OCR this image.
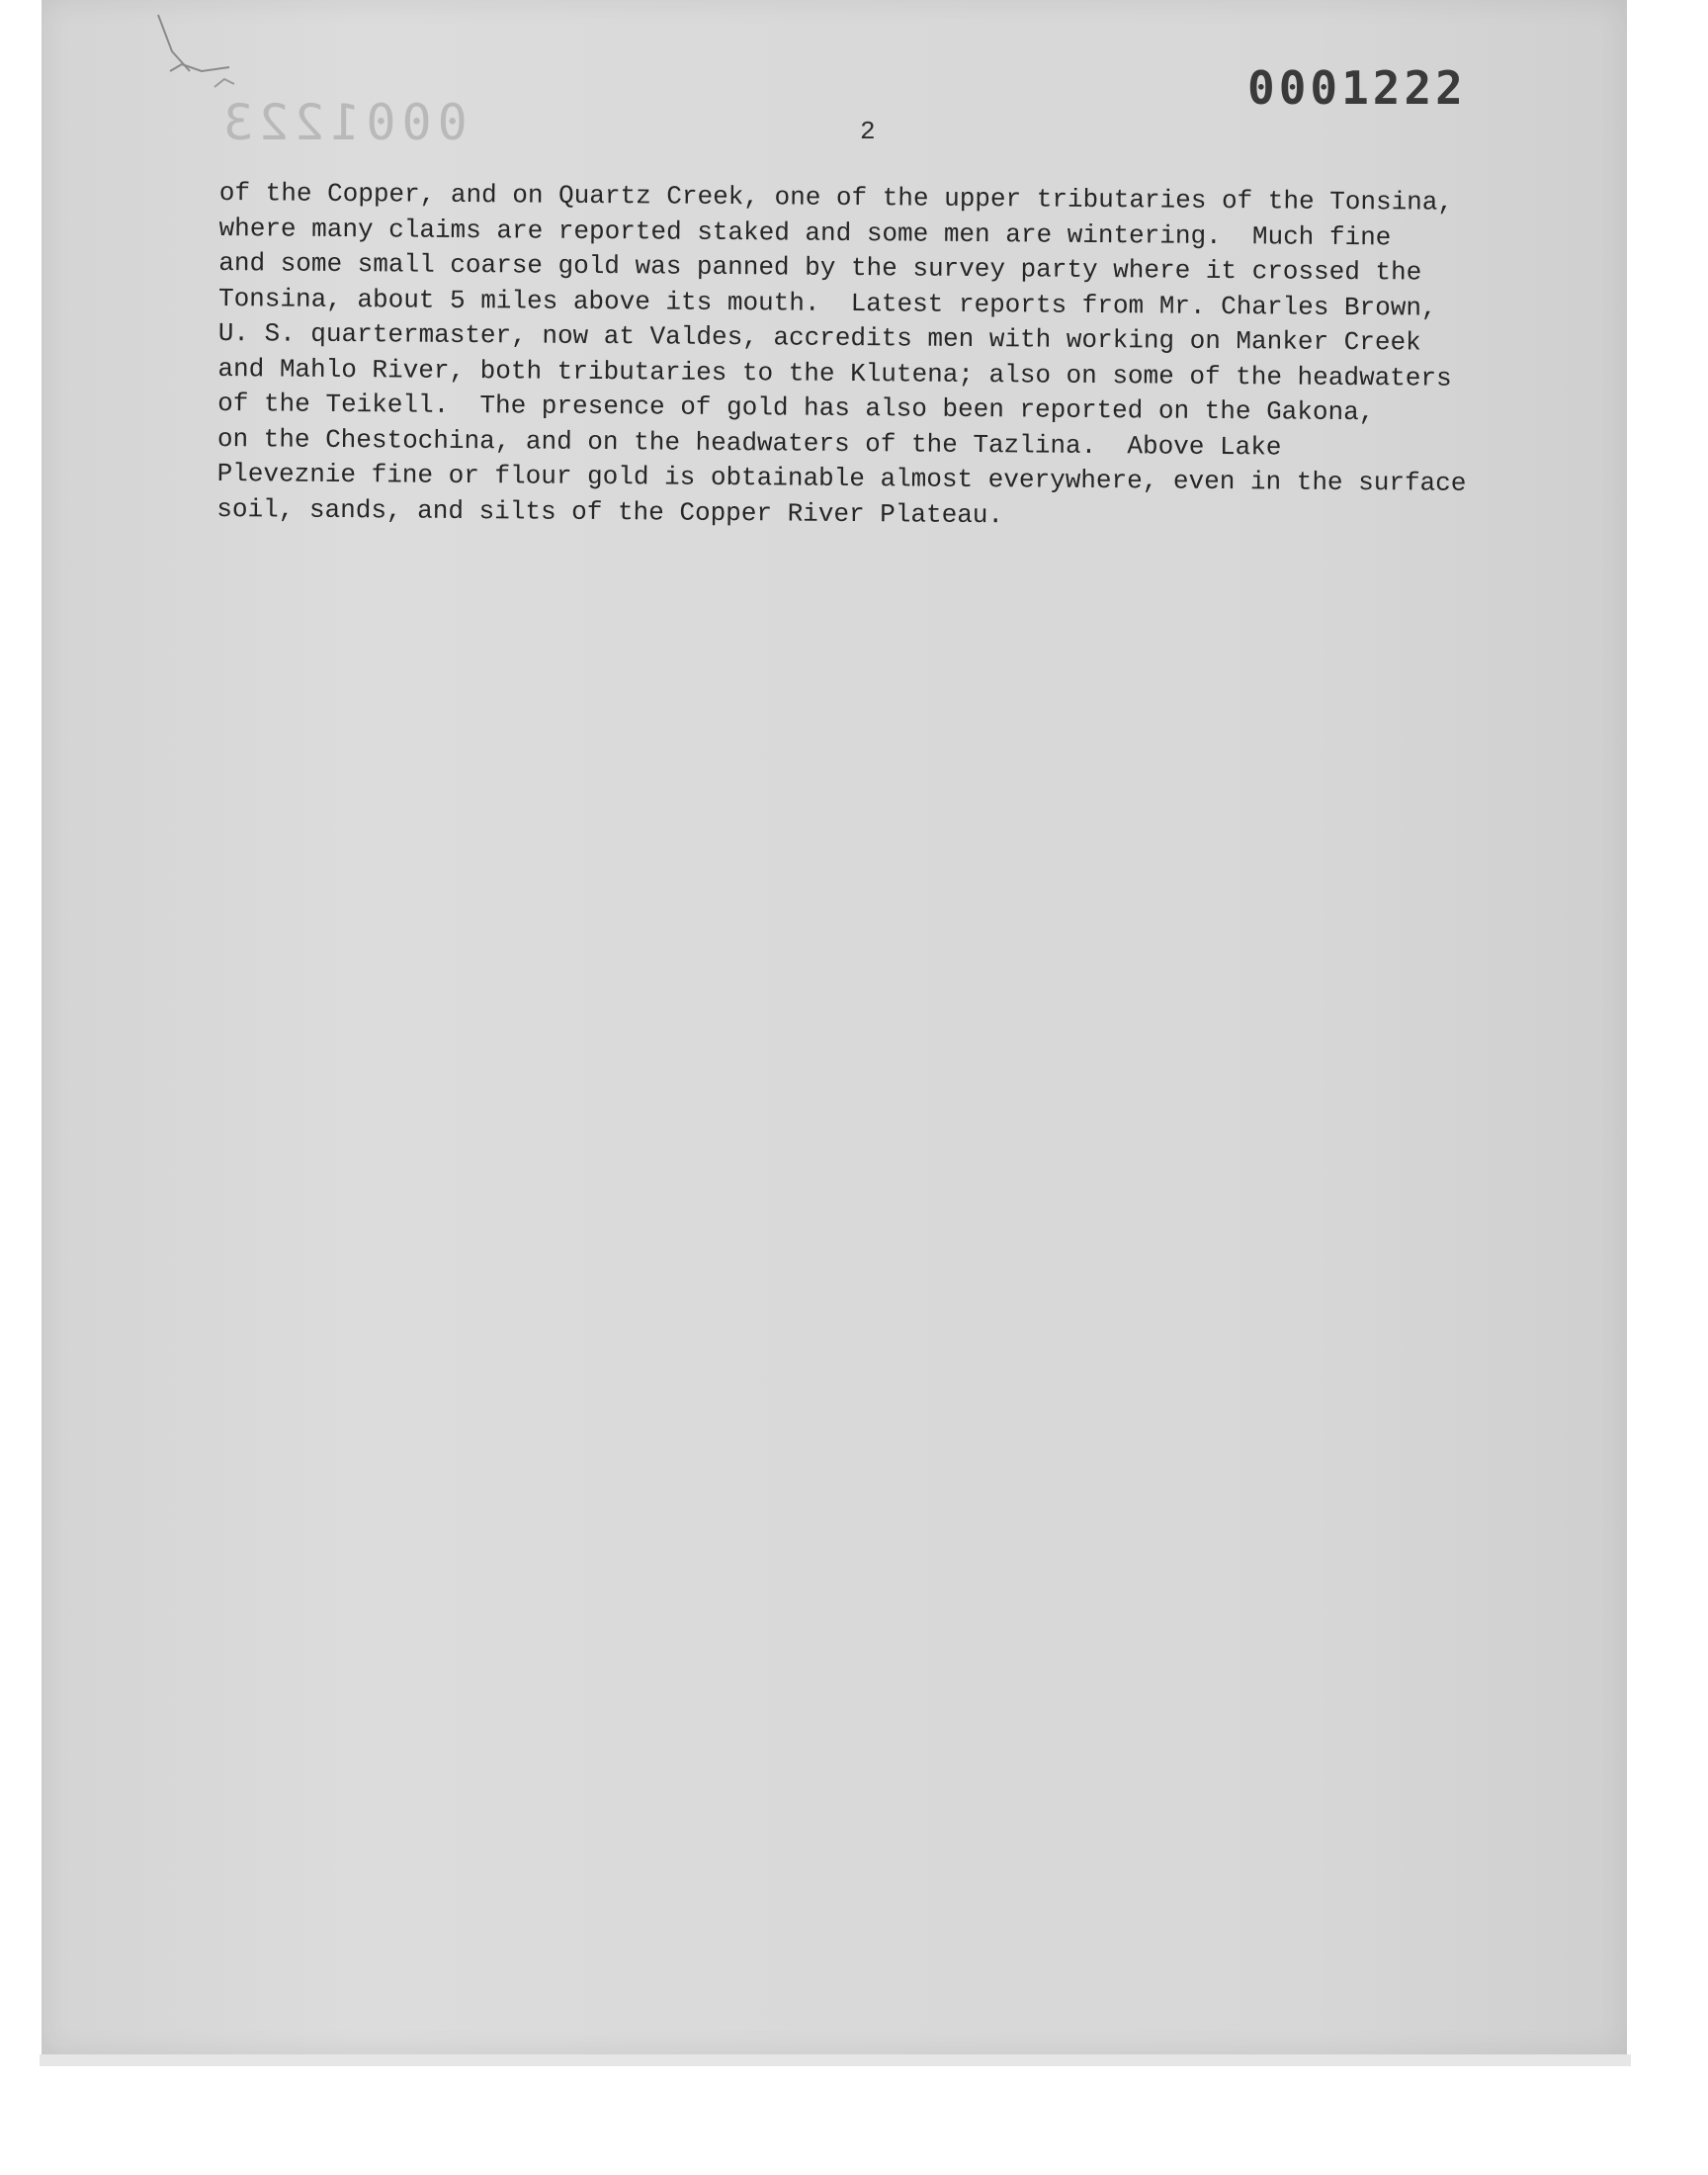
0001223
0001222
2
of the Copper, and on Quartz Creek, one of the upper tributaries of the Tonsina,
where many claims are reported staked and some men are wintering.  Much fine
and some small coarse gold was panned by the survey party where it crossed the
Tonsina, about 5 miles above its mouth.  Latest reports from Mr. Charles Brown,
U. S. quartermaster, now at Valdes, accredits men with working on Manker Creek
and Mahlo River, both tributaries to the Klutena; also on some of the headwaters
of the Teikell.  The presence of gold has also been reported on the Gakona,
on the Chestochina, and on the headwaters of the Tazlina.  Above Lake
Pleveznie fine or flour gold is obtainable almost everywhere, even in the surface
soil, sands, and silts of the Copper River Plateau.
